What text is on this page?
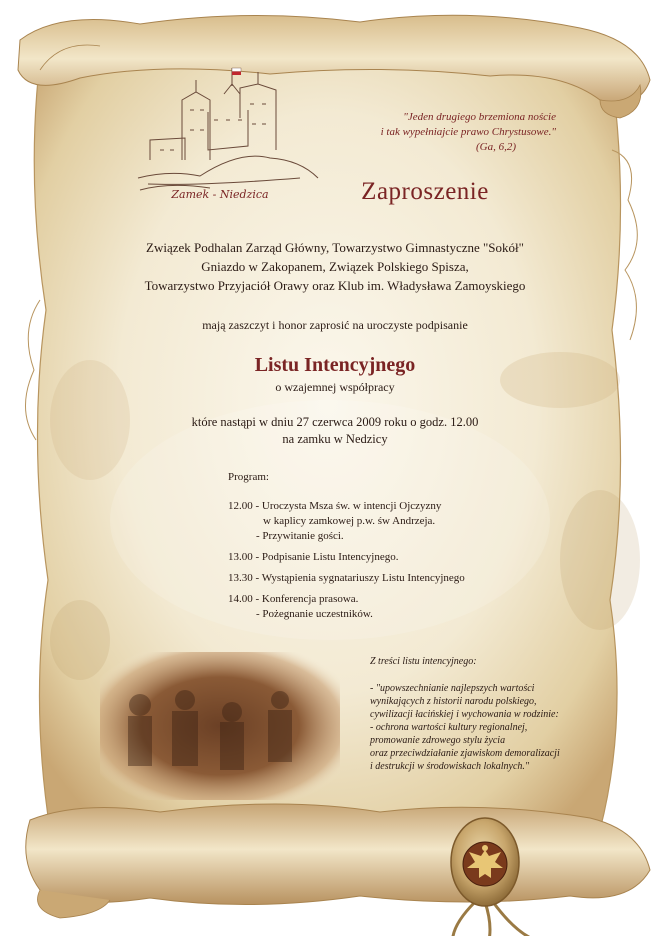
Zamek - Niedzica
"Jeden drugiego brzemiona noście
i tak wypełniajcie prawo Chrystusowe."
(Ga, 6,2)
Zaproszenie
Związek Podhalan Zarząd Główny, Towarzystwo Gimnastyczne "Sokół"
Gniazdo w Zakopanem, Związek Polskiego Spisza,
Towarzystwo Przyjaciół Orawy oraz Klub im. Władysława Zamoyskiego
mają zaszczyt i honor zaprosić na uroczyste podpisanie
Listu Intencyjnego
o wzajemnej współpracy
które nastąpi w dniu 27 czerwca 2009 roku o godz. 12.00
na zamku w Nedzicy
Program:
12.00 - Uroczysta Msza św. w intencji Ojczyzny
w kaplicy zamkowej p.w. św Andrzeja.
- Przywitanie gości.
13.00 - Podpisanie Listu Intencyjnego.
13.30 - Wystąpienia sygnatariuszy Listu Intencyjnego
14.00 - Konferencja prasowa.
- Pożegnanie uczestników.
Z treści listu intencyjnego:
- "upowszechnianie najlepszych wartości
wynikających z historii narodu polskiego,
cywilizacji łacińskiej i wychowania w rodzinie:
- ochrona wartości kultury regionalnej,
promowanie zdrowego stylu życia
oraz przeciwdziałanie zjawiskom demoralizacji
i destrukcji w środowiskach lokalnych."
